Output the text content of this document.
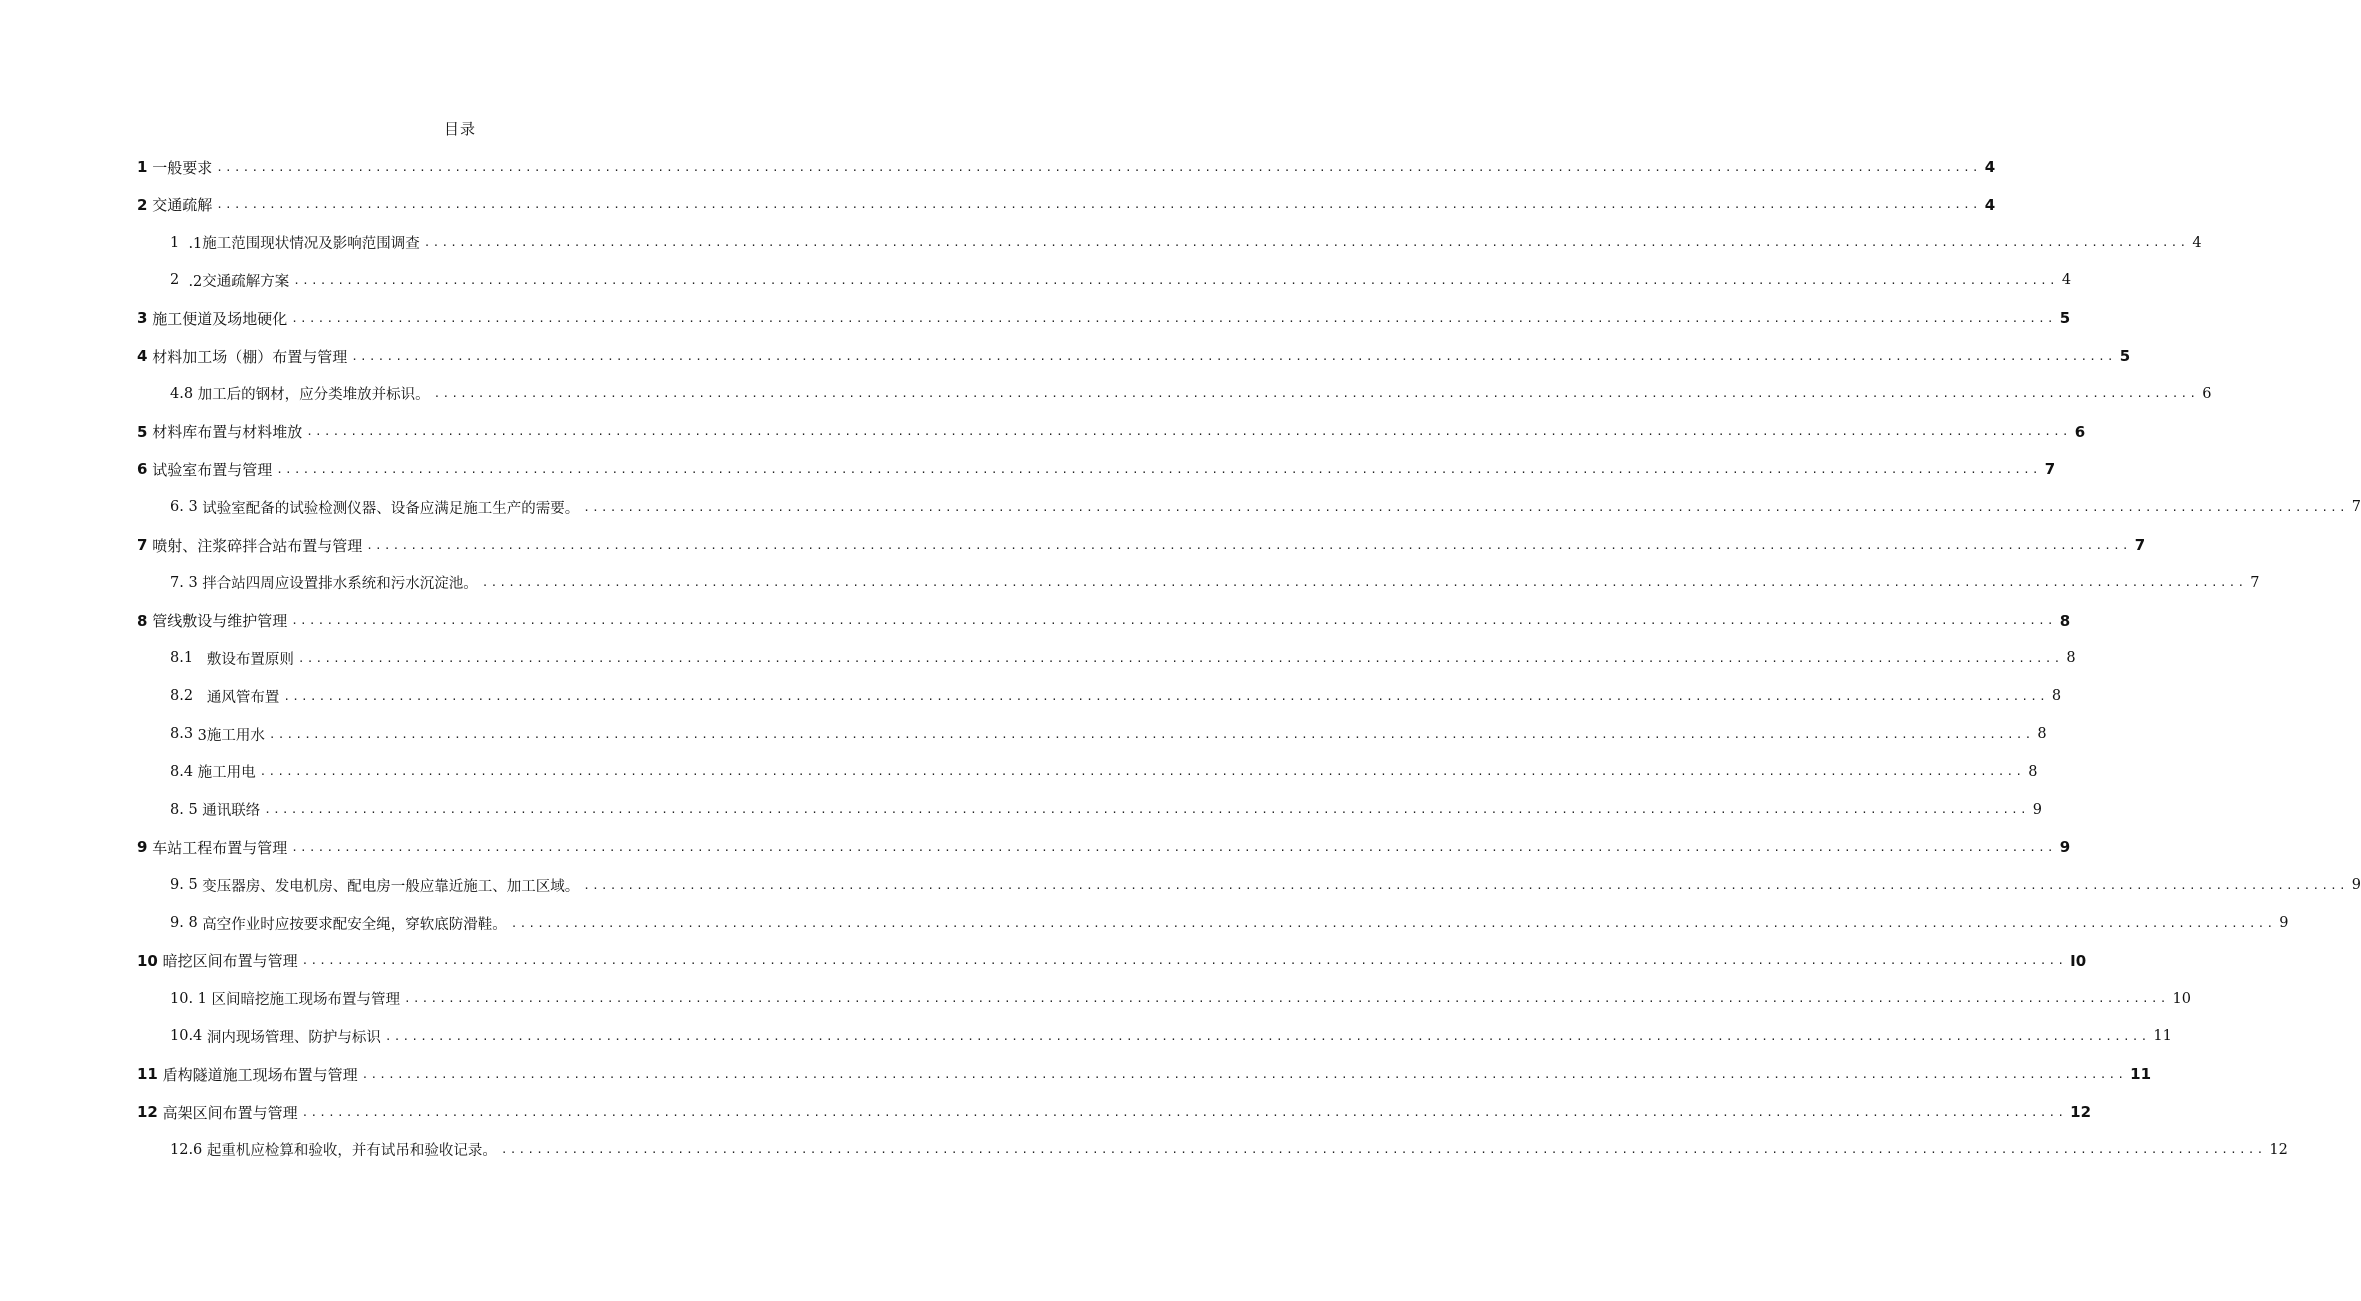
目录
1 一般要求 ........................................................................................................................................................................................................ 4
2 交通疏解 ........................................................................................................................................................................................................ 4
1 .1施工范围现状情况及影响范围调查 ........................................................................................................................................................................................................ 4
2 .2交通疏解方案 ........................................................................................................................................................................................................ 4
3 施工便道及场地硬化 ........................................................................................................................................................................................................ 5
4 材料加工场（棚）布置与管理 ........................................................................................................................................................................................................ 5
4.8 加工后的钢材，应分类堆放并标识。 ........................................................................................................................................................................................................ 6
5 材料库布置与材料堆放 ........................................................................................................................................................................................................ 6
6 试验室布置与管理 ........................................................................................................................................................................................................ 7
6. 3 试验室配备的试验检测仪器、设备应满足施工生产的需要。 ........................................................................................................................................................................................................ 7
7 喷射、注浆碎拌合站布置与管理 ........................................................................................................................................................................................................ 7
7. 3 拌合站四周应设置排水系统和污水沉淀池。 ........................................................................................................................................................................................................ 7
8 管线敷设与维护管理 ........................................................................................................................................................................................................ 8
8.1 敷设布置原则 ........................................................................................................................................................................................................ 8
8.2 通风管布置 ........................................................................................................................................................................................................ 8
8.3 3施工用水 ........................................................................................................................................................................................................ 8
8.4 施工用电 ........................................................................................................................................................................................................ 8
8. 5 通讯联络 ........................................................................................................................................................................................................ 9
9 车站工程布置与管理 ........................................................................................................................................................................................................ 9
9. 5 变压器房、发电机房、配电房一般应靠近施工、加工区域。 ........................................................................................................................................................................................................ 9
9. 8 高空作业时应按要求配安全绳，穿软底防滑鞋。 ........................................................................................................................................................................................................ 9
10 暗挖区间布置与管理 ........................................................................................................................................................................................................ I0
10. 1 区间暗挖施工现场布置与管理 ........................................................................................................................................................................................................ 10
10.4 洞内现场管理、防护与标识 ........................................................................................................................................................................................................ 11
11 盾构隧道施工现场布置与管理 ........................................................................................................................................................................................................ 11
12 高架区间布置与管理 ........................................................................................................................................................................................................ 12
12.6 起重机应检算和验收，并有试吊和验收记录。 ........................................................................................................................................................................................................ 12
